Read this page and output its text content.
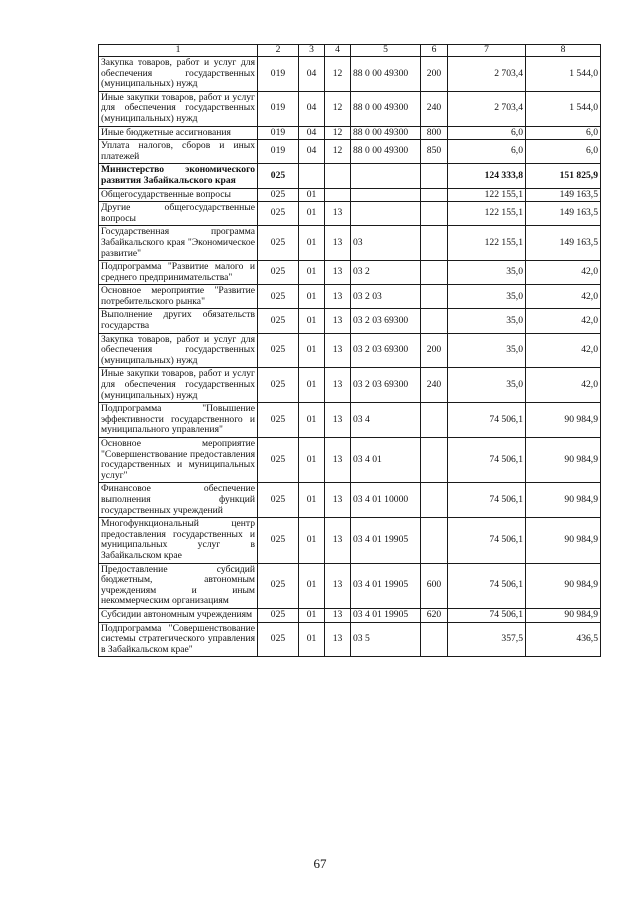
1	2	3	4	5	6	7	8
Закупка товаров, работ и услуг для обеспечения государственных (муниципальных) нужд	019	04	12	88 0 00 49300	200	2 703,4	1 544,0
Иные закупки товаров, работ и услуг для обеспечения государственных (муниципальных) нужд	019	04	12	88 0 00 49300	240	2 703,4	1 544,0
Иные бюджетные ассигнования	019	04	12	88 0 00 49300	800	6,0	6,0
Уплата налогов, сборов и иных платежей	019	04	12	88 0 00 49300	850	6,0	6,0
Министерство экономического развития Забайкальского края	025					124 333,8	151 825,9
Общегосударственные вопросы	025	01				122 155,1	149 163,5
Другие общегосударственные вопросы	025	01	13			122 155,1	149 163,5
Государственная программа Забайкальского края "Экономическое развитие"	025	01	13	03		122 155,1	149 163,5
Подпрограмма "Развитие малого и среднего предпринимательства"	025	01	13	03 2		35,0	42,0
Основное мероприятие "Развитие потребительского рынка"	025	01	13	03 2 03		35,0	42,0
Выполнение других обязательств государства	025	01	13	03 2 03 69300		35,0	42,0
Закупка товаров, работ и услуг для обеспечения государственных (муниципальных) нужд	025	01	13	03 2 03 69300	200	35,0	42,0
Иные закупки товаров, работ и услуг для обеспечения государственных (муниципальных) нужд	025	01	13	03 2 03 69300	240	35,0	42,0
Подпрограмма "Повышение эффективности государственного и муниципального управления"	025	01	13	03 4		74 506,1	90 984,9
Основное мероприятие "Совершенствование предоставления государственных и муниципальных услуг"	025	01	13	03 4 01		74 506,1	90 984,9
Финансовое обеспечение выполнения функций государственных учреждений	025	01	13	03 4 01 10000		74 506,1	90 984,9
Многофункциональный центр предоставления государственных и муниципальных услуг в Забайкальском крае	025	01	13	03 4 01 19905		74 506,1	90 984,9
Предоставление субсидий бюджетным, автономным учреждениям и иным некоммерческим организациям	025	01	13	03 4 01 19905	600	74 506,1	90 984,9
Субсидии автономным учреждениям	025	01	13	03 4 01 19905	620	74 506,1	90 984,9
Подпрограмма "Совершенствование системы стратегического управления в Забайкальском крае"	025	01	13	03 5		357,5	436,5
67
